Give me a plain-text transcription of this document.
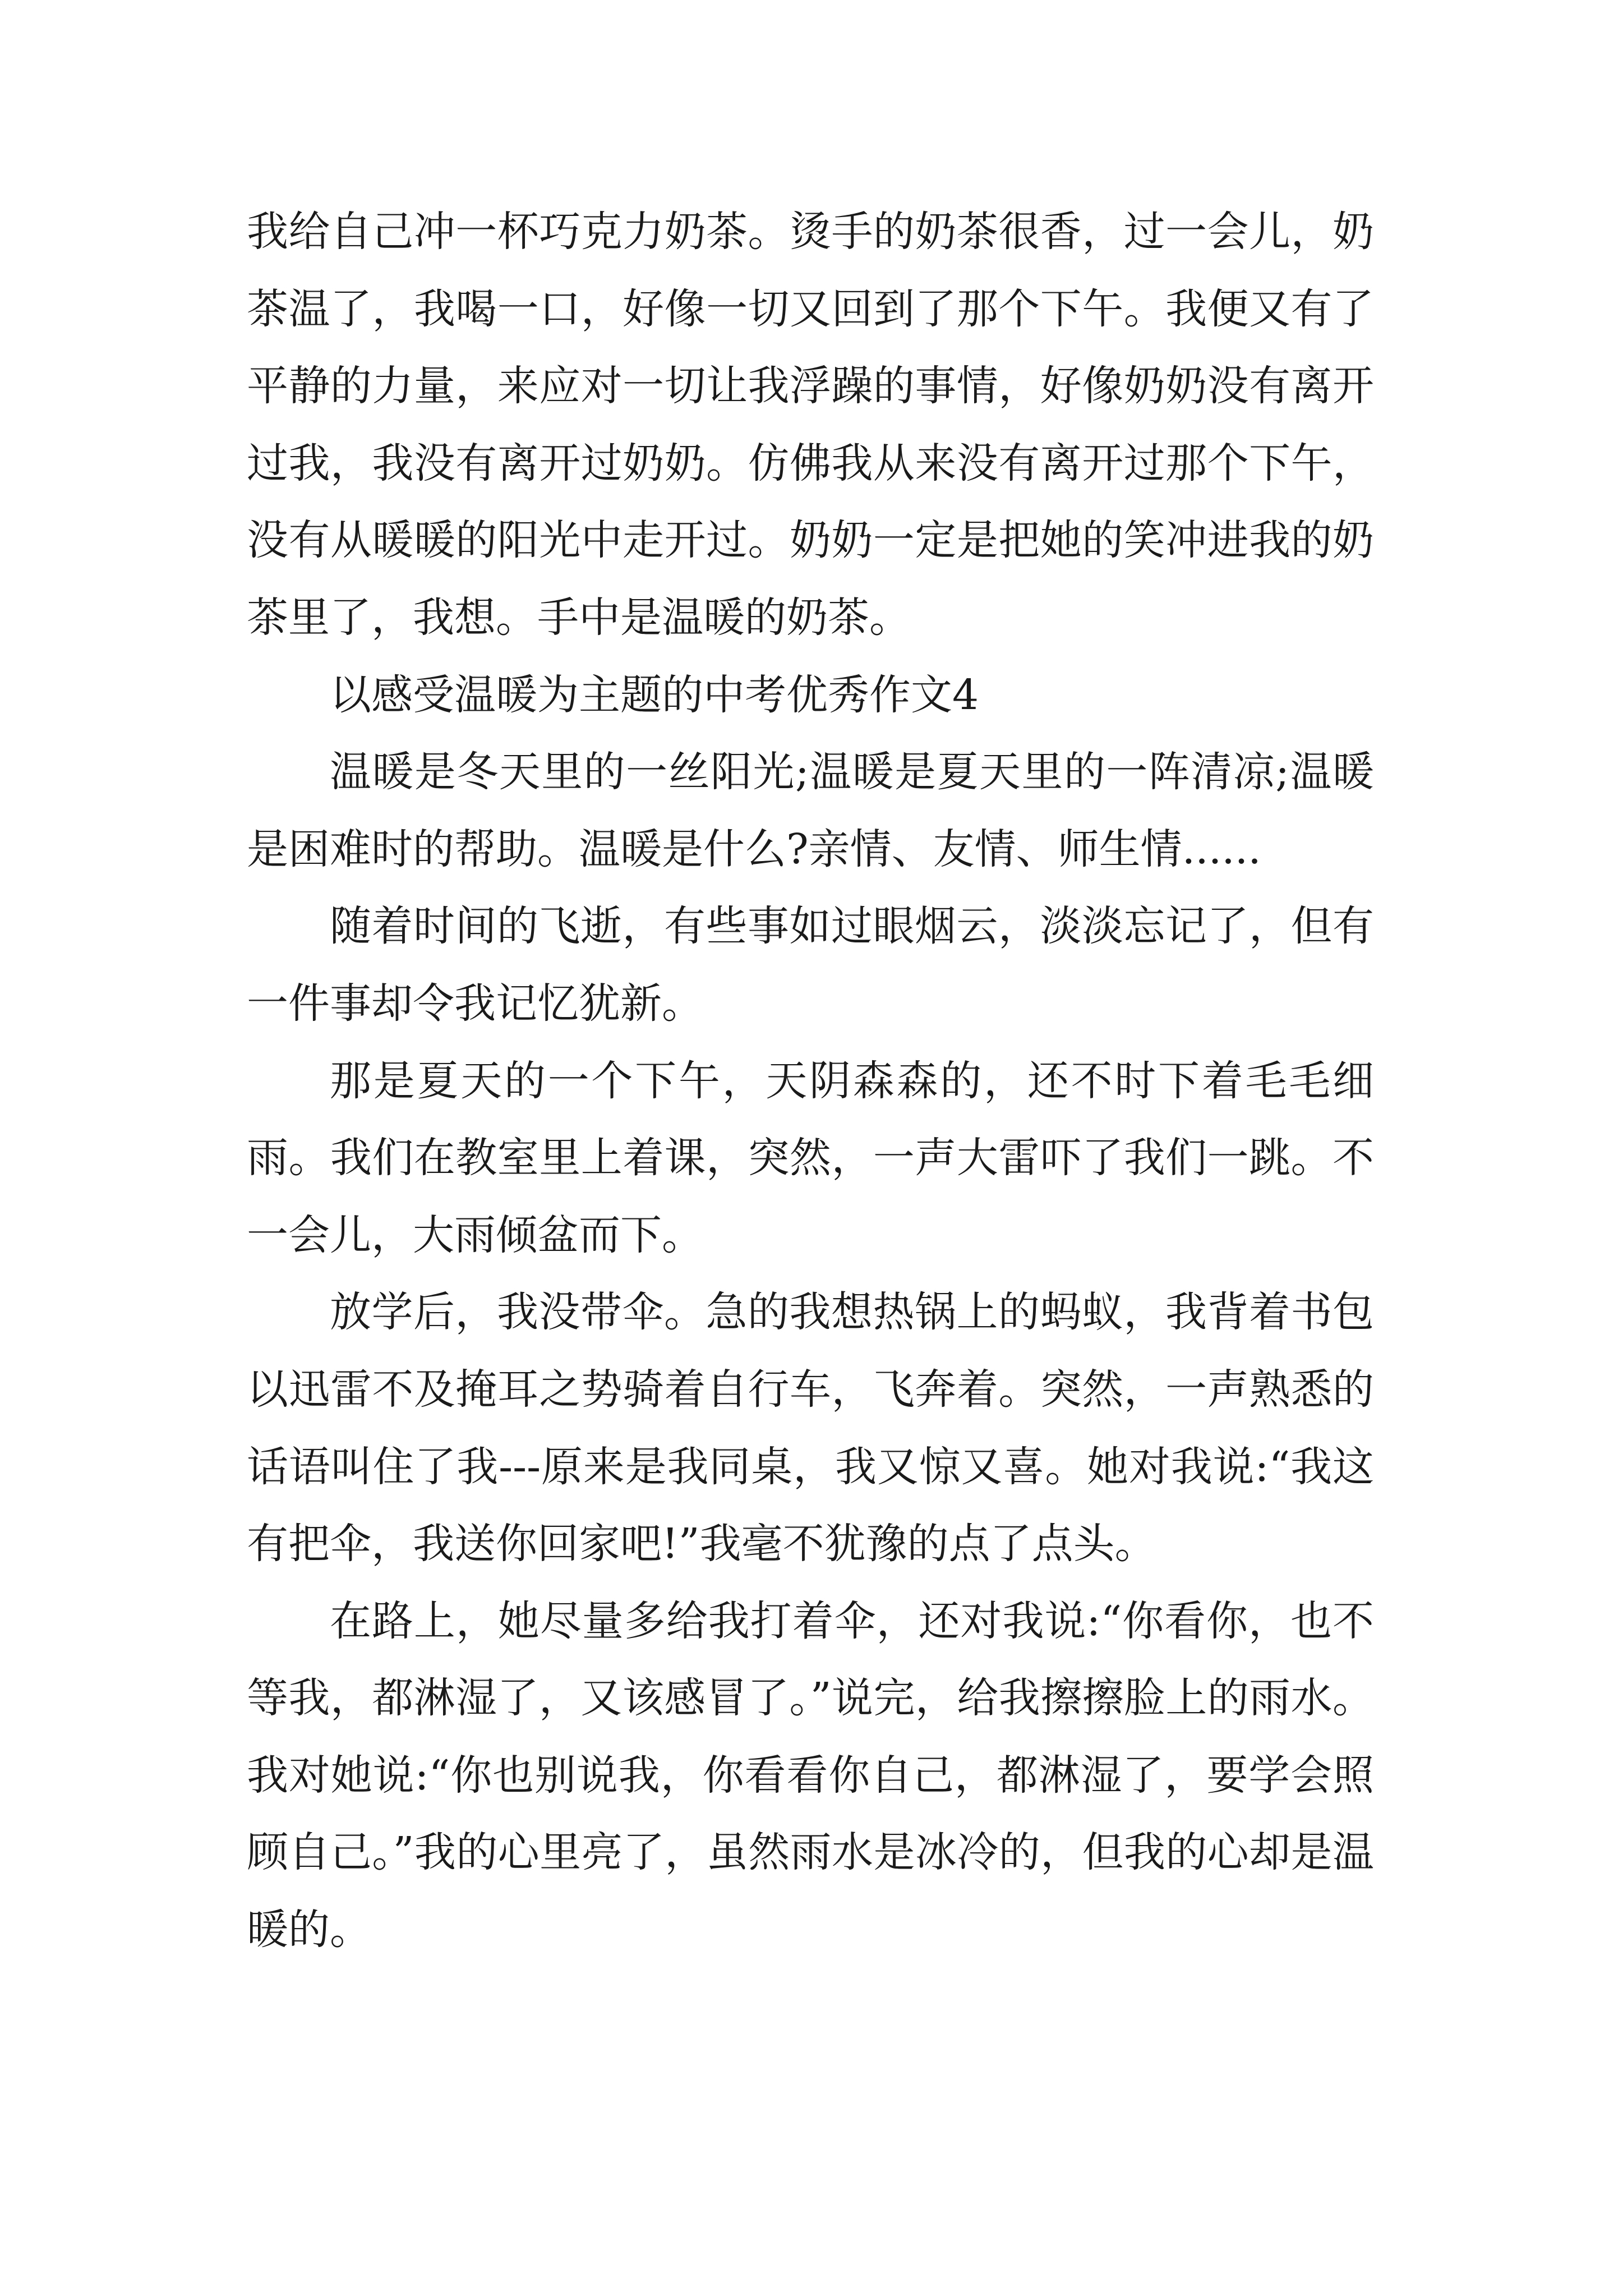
我给自己冲一杯巧克力奶茶。烫手的奶茶很香，过一会儿，奶茶温了，我喝一口，好像一切又回到了那个下午。我便又有了平静的力量，来应对一切让我浮躁的事情，好像奶奶没有离开过我，我没有离开过奶奶。仿佛我从来没有离开过那个下午，没有从暖暖的阳光中走开过。奶奶一定是把她的笑冲进我的奶茶里了，我想。手中是温暖的奶茶。

以感受温暖为主题的中考优秀作文4

温暖是冬天里的一丝阳光;温暖是夏天里的一阵清凉;温暖是困难时的帮助。温暖是什么?亲情、友情、师生情......

随着时间的飞逝，有些事如过眼烟云，淡淡忘记了，但有一件事却令我记忆犹新。

那是夏天的一个下午，天阴森森的，还不时下着毛毛细雨。我们在教室里上着课，突然，一声大雷吓了我们一跳。不一会儿，大雨倾盆而下。

放学后，我没带伞。急的我想热锅上的蚂蚁，我背着书包以迅雷不及掩耳之势骑着自行车，飞奔着。突然，一声熟悉的话语叫住了我---原来是我同桌，我又惊又喜。她对我说:“我这有把伞，我送你回家吧!”我毫不犹豫的点了点头。

在路上，她尽量多给我打着伞，还对我说:“你看你，也不等我，都淋湿了，又该感冒了。”说完，给我擦擦脸上的雨水。我对她说:“你也别说我，你看看你自己，都淋湿了，要学会照顾自己。”我的心里亮了，虽然雨水是冰冷的，但我的心却是温暖的。
